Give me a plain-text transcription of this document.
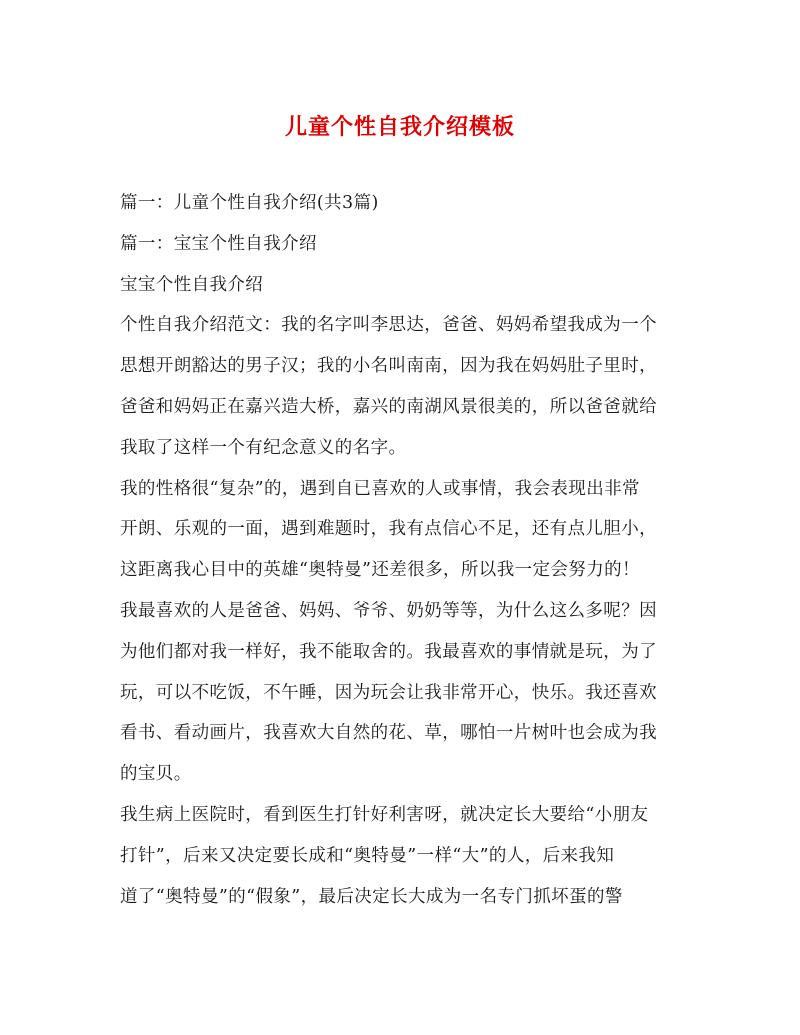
儿童个性自我介绍模板

篇一：儿童个性自我介绍(共3篇)

篇一：宝宝个性自我介绍

宝宝个性自我介绍

个性自我介绍范文：我的名字叫李思达，爸爸、妈妈希望我成为一个

思想开朗豁达的男子汉；我的小名叫南南，因为我在妈妈肚子里时，

爸爸和妈妈正在嘉兴造大桥，嘉兴的南湖风景很美的，所以爸爸就给

我取了这样一个有纪念意义的名字。

我的性格很“复杂”的，遇到自已喜欢的人或事情，我会表现出非常

开朗、乐观的一面，遇到难题时，我有点信心不足，还有点儿胆小，

这距离我心目中的英雄“奥特曼”还差很多，所以我一定会努力的！

我最喜欢的人是爸爸、妈妈、爷爷、奶奶等等，为什么这么多呢？因

为他们都对我一样好，我不能取舍的。我最喜欢的事情就是玩，为了

玩，可以不吃饭，不午睡，因为玩会让我非常开心，快乐。我还喜欢

看书、看动画片，我喜欢大自然的花、草，哪怕一片树叶也会成为我

的宝贝。

我生病上医院时，看到医生打针好利害呀，就决定长大要给“小朋友

打针”，后来又决定要长成和“奥特曼”一样“大”的人，后来我知

道了“奥特曼”的“假象”，最后决定长大成为一名专门抓坏蛋的警
